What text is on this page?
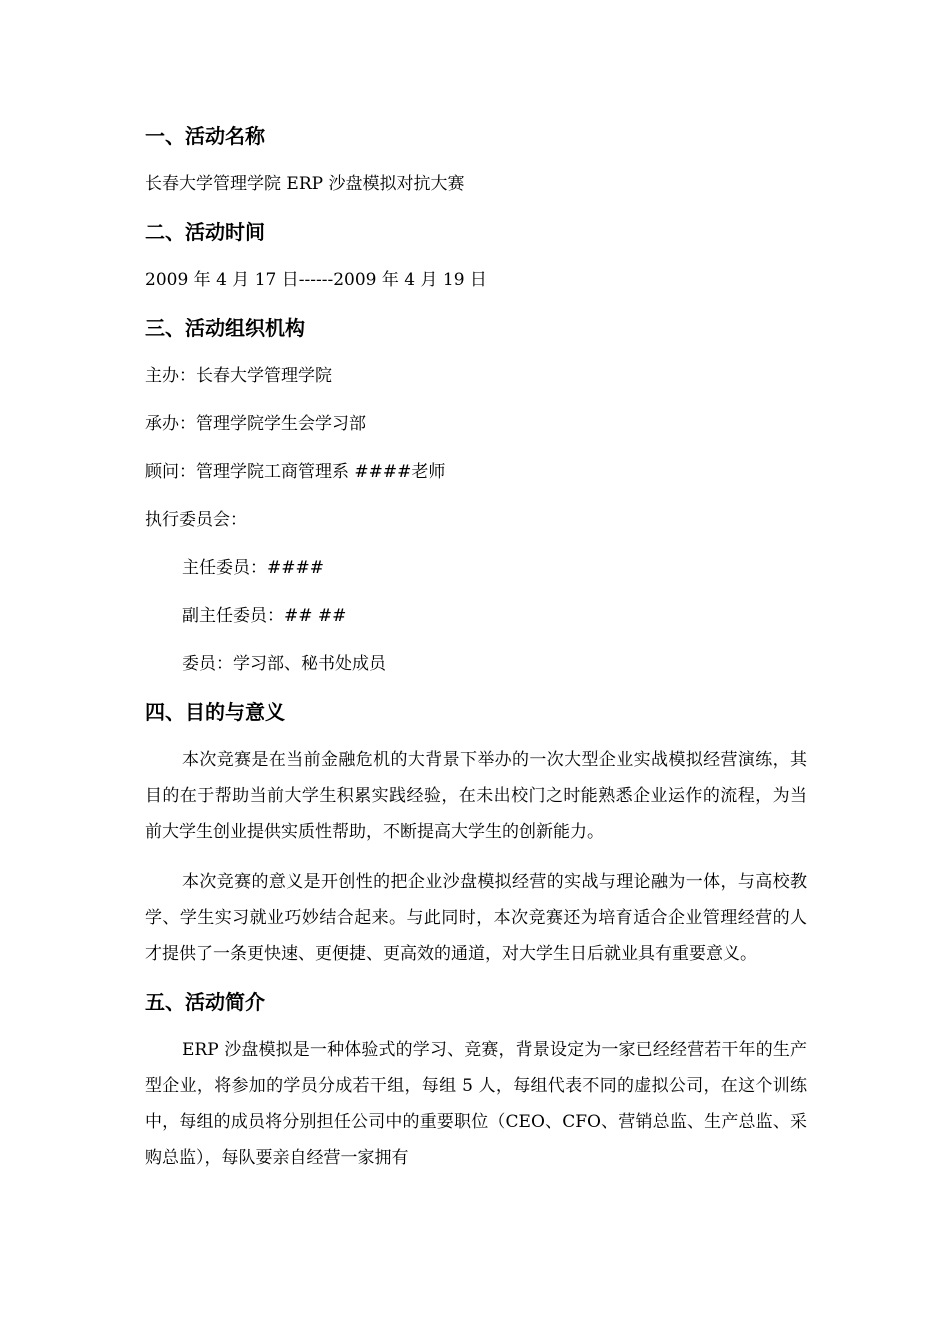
一、活动名称

长春大学管理学院 ERP 沙盘模拟对抗大赛

二、活动时间

2009 年 4 月 17 日------2009 年 4 月 19 日

三、活动组织机构

主办：长春大学管理学院

承办：管理学院学生会学习部

顾问：管理学院工商管理系 ####老师

执行委员会：

主任委员：####

副主任委员：## ##

委员：学习部、秘书处成员

四、目的与意义

本次竞赛是在当前金融危机的大背景下举办的一次大型企业实战模拟经营演练，其目的在于帮助当前大学生积累实践经验，在未出校门之时能熟悉企业运作的流程，为当前大学生创业提供实质性帮助，不断提高大学生的创新能力。

本次竞赛的意义是开创性的把企业沙盘模拟经营的实战与理论融为一体，与高校教学、学生实习就业巧妙结合起来。与此同时，本次竞赛还为培育适合企业管理经营的人才提供了一条更快速、更便捷、更高效的通道，对大学生日后就业具有重要意义。

五、活动简介

ERP 沙盘模拟是一种体验式的学习、竞赛，背景设定为一家已经经营若干年的生产型企业，将参加的学员分成若干组，每组 5 人，每组代表不同的虚拟公司，在这个训练中，每组的成员将分别担任公司中的重要职位（CEO、CFO、营销总监、生产总监、采购总监），每队要亲自经营一家拥有
